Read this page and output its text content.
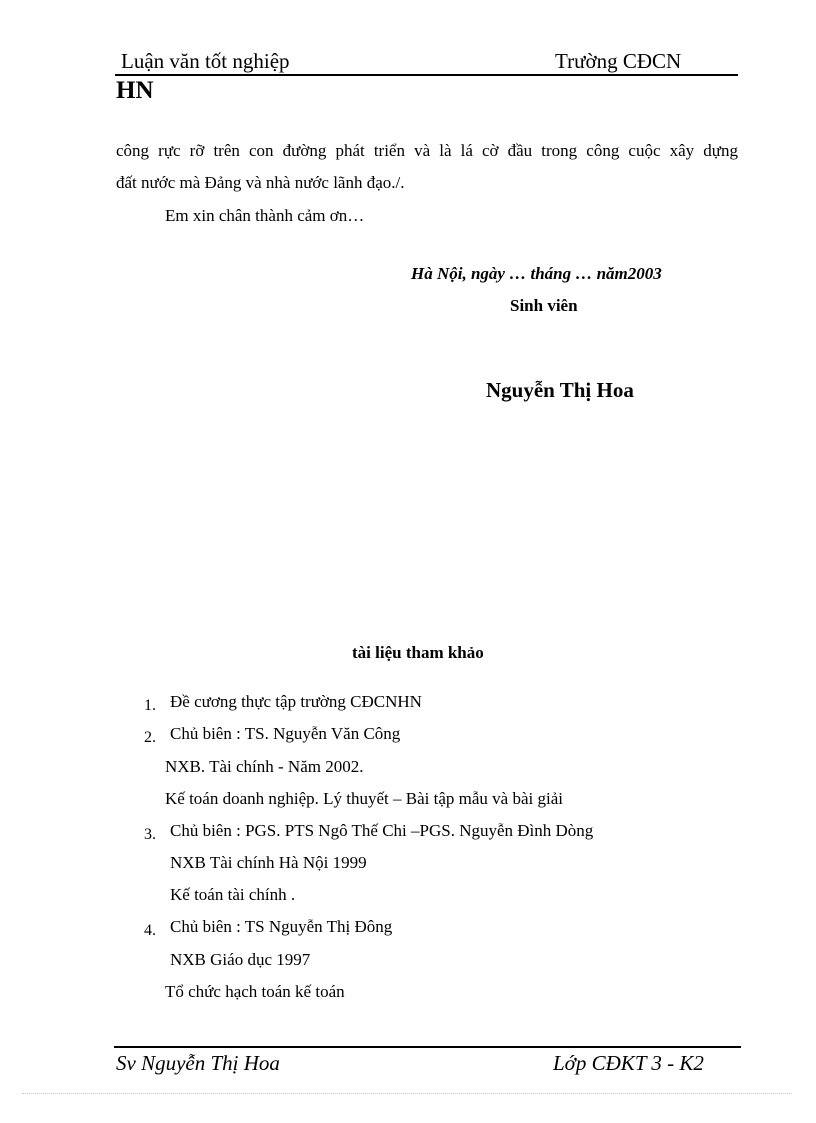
Luận văn tốt nghiệp	Trường CĐCN
HN
công rực rỡ trên con đường phát triển và là lá cờ đầu trong công cuộc xây dựng
đất nước mà Đảng và nhà nước lãnh đạo./.
Em xin chân thành cảm ơn…
Hà Nội, ngày … tháng … năm2003
Sinh viên
Nguyễn Thị Hoa
tài liệu tham khảo
1. Đề cương thực tập trường CĐCNHN
2. Chủ biên : TS. Nguyễn Văn Công
NXB. Tài chính - Năm 2002.
Kế toán doanh nghiệp. Lý thuyết – Bài tập mẫu và bài giải
3. Chủ biên : PGS. PTS Ngô Thế Chi –PGS. Nguyễn Đình Dòng
NXB Tài chính Hà Nội 1999
Kế toán tài chính .
4. Chủ biên : TS Nguyễn Thị Đông
NXB Giáo dục 1997
Tổ chức hạch toán kế toán
Sv Nguyễn Thị Hoa	Lớp CĐKT 3 - K2
